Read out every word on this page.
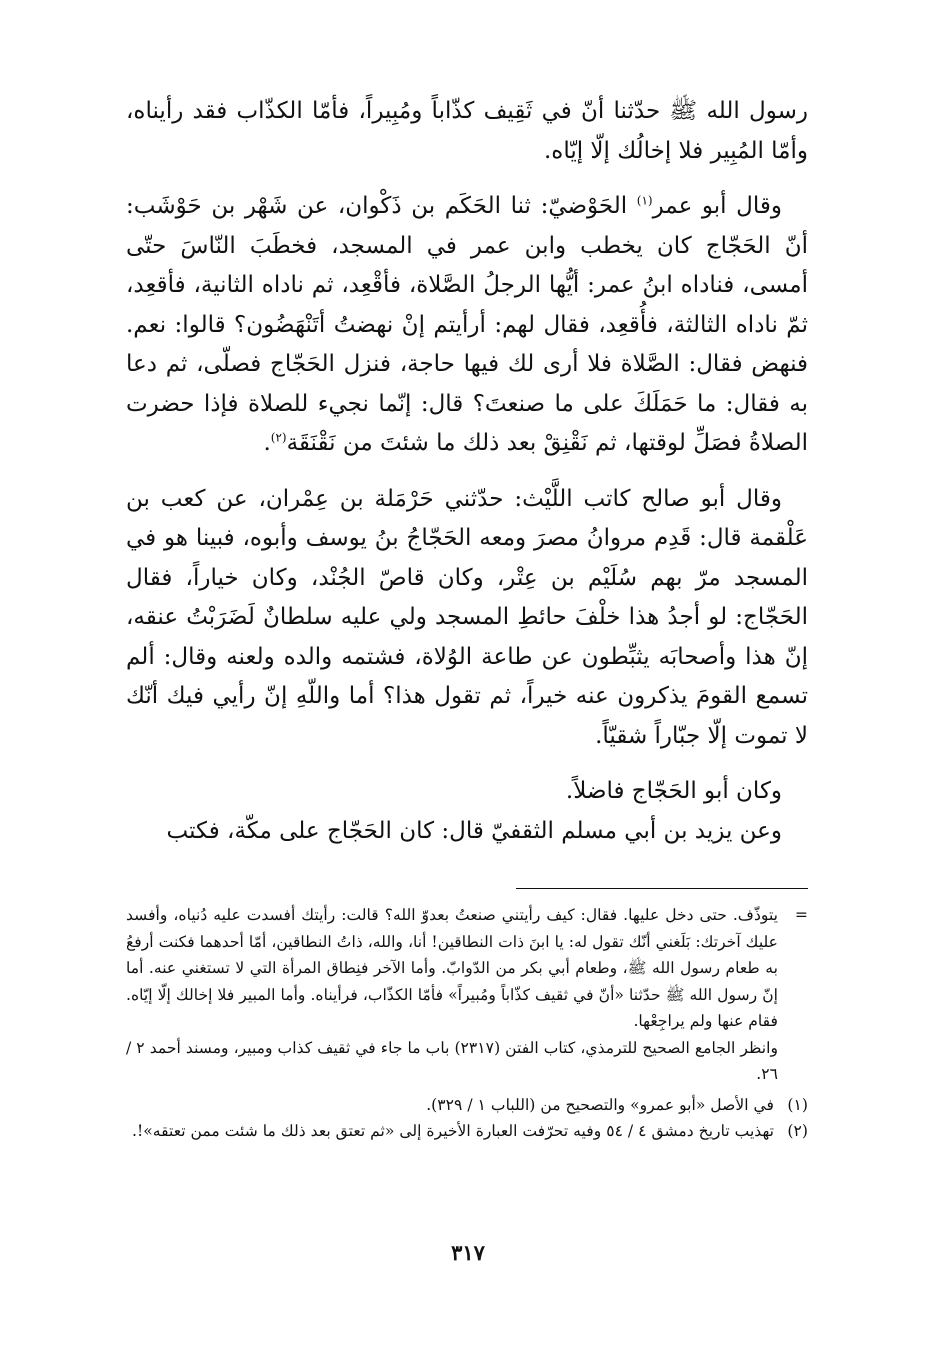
رسول الله ﷺ حدّثنا أنّ في ثَقِيف كذّاباً ومُبِيراً، فأمّا الكذّاب فقد رأيناه، وأمّا المُبِير فلا إخالُك إلّا إيّاه.

وقال أبو عمر$^{(١)}$ الحَوْضيّ: ثنا الحَكَم بن ذَكْوان، عن شَهْر بن حَوْشَب: أنّ الحَجّاج كان يخطب وابن عمر في المسجد، فخطَبَ النّاسَ حتّى أمسى، فناداه ابنُ عمر: أيُّها الرجلُ الصَّلاة، فأقْعِد، ثم ناداه الثانية، فأقعِد، ثمّ ناداه الثالثة، فأُقعِد، فقال لهم: أرأيتم إنْ نهضتُ أتَنْهَضُون؟ قالوا: نعم. فنهض فقال: الصَّلاة فلا أرى لك فيها حاجة، فنزل الحَجّاج فصلّى، ثم دعا به فقال: ما حَمَلَكَ على ما صنعتَ؟ قال: إنّما نجيء للصلاة فإذا حضرت الصلاةُ فصَلِّ لوقتها، ثم نَقْنِقْ بعد ذلك ما شئتَ من نَقْنَقَة$^{(٢)}$.

وقال أبو صالح كاتب اللَّيْث: حدّثني حَرْمَلة بن عِمْران، عن كعب بن عَلْقمة قال: قَدِم مروانُ مصرَ ومعه الحَجّاجُ بنُ يوسف وأبوه، فبينا هو في المسجد مرّ بهم سُلَيْم بن عِتْر، وكان قاصّ الجُنْد، وكان خياراً، فقال الحَجّاج: لو أجدُ هذا خلْفَ حائطِ المسجد ولي عليه سلطانٌ لَضَرَبْتُ عنقه، إنّ هذا وأصحابَه يثبِّطون عن طاعة الوُلاة، فشتمه والده ولعنه وقال: ألم تسمع القومَ يذكرون عنه خيراً، ثم تقول هذا؟ أما واللّهِ إنّ رأيي فيك أنّك لا تموت إلّا جبّاراً شقيّاً.

وكان أبو الحَجّاج فاضلاً.

وعن يزيد بن أبي مسلم الثقفيّ قال: كان الحَجّاج على مكّة، فكتب

=
يتوذّف. حتى دخل عليها. فقال: كيف رأيتني صنعتُ بعدوّ الله؟ قالت: رأيتك أفسدت عليه دُنياه، وأفسد عليك آخرتك: بَلَغني أنّك تقول له: يا ابنَ ذات النطاقين! أنا، والله، ذاتُ النطاقين، أمّا أحدهما فكنت أرفعُ به طعام رسول الله ﷺ، وطعام أبي بكر من الدّوابّ. وأما الآخر فنِطاق المرأة التي لا تستغني عنه. أما إنّ رسول الله ﷺ حدّثنا «أنّ في ثقيف كذّاباً ومُبيراً» فأمّا الكذّاب، فرأيناه. وأما المبير فلا إخالك إلّا إيّاه. فقام عنها ولم يراجِعْها.

وانظر الجامع الصحيح للترمذي، كتاب الفتن (٢٣١٧) باب ما جاء في ثقيف كذاب ومبير، ومسند أحمد ٢ / ٢٦.

(١)
في الأصل «أبو عمرو» والتصحيح من (اللباب ١ / ٣٢٩).

(٢)
تهذيب تاريخ دمشق ٤ / ٥٤ وفيه تحرّفت العبارة الأخيرة إلى «ثم تعتق بعد ذلك ما شئت ممن تعتقه»!.

٣١٧
